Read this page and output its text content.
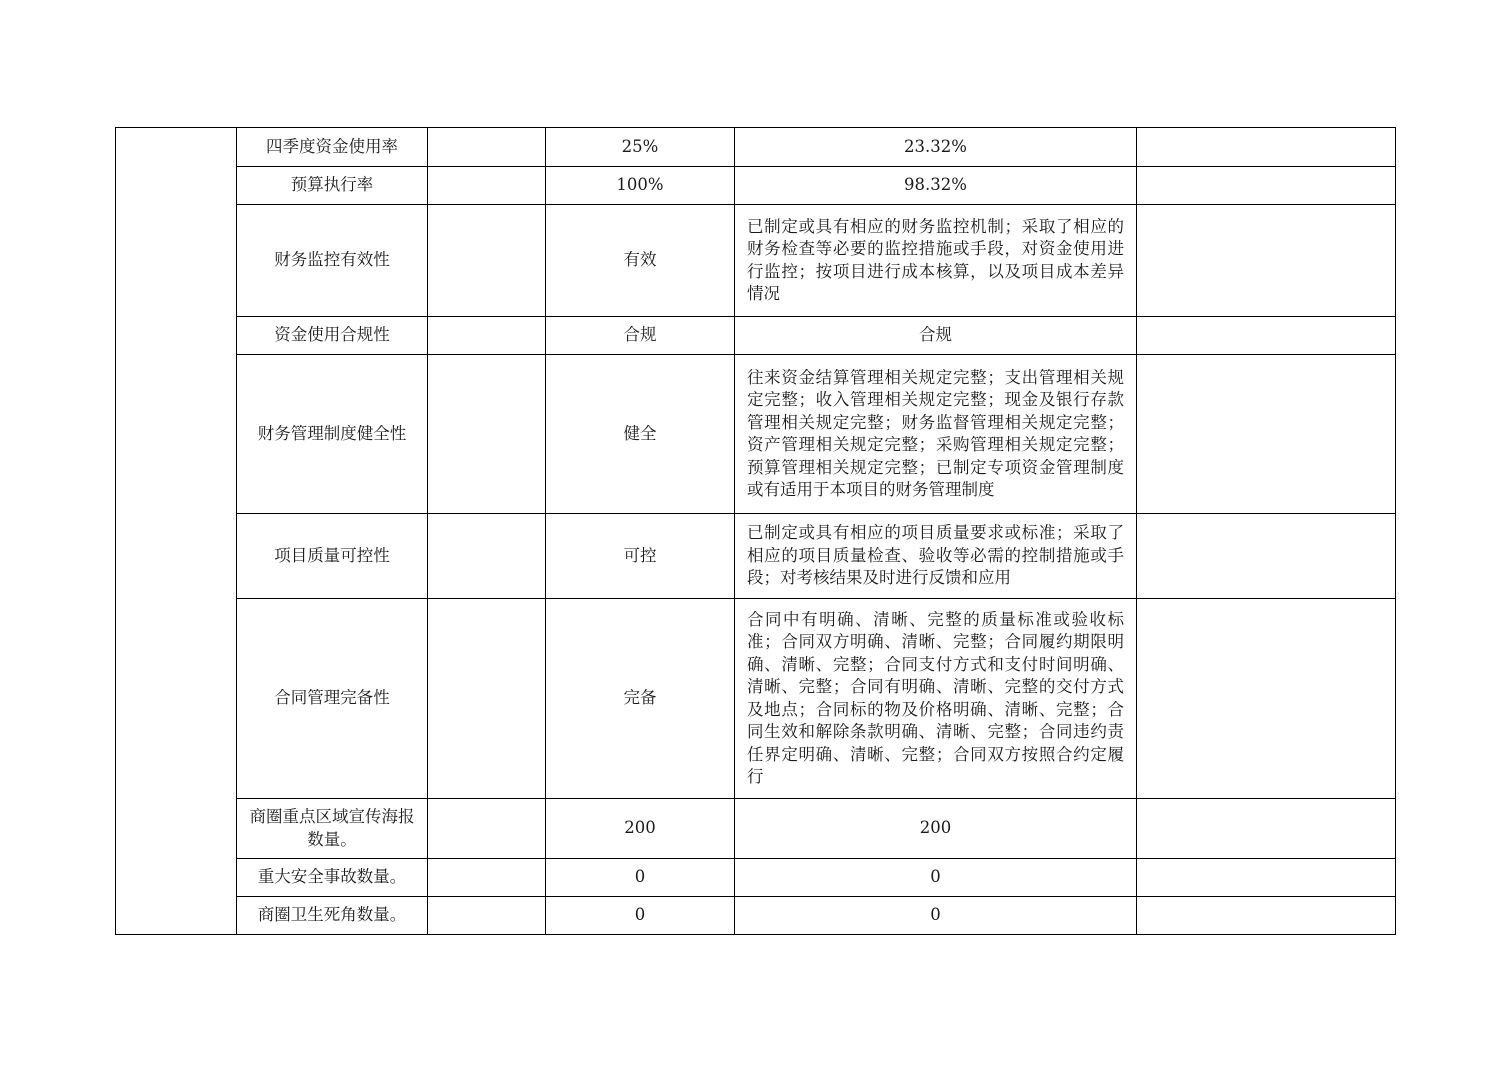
	四季度资金使用率		25%	23.32%	
	预算执行率		100%	98.32%	
	财务监控有效性		有效	已制定或具有相应的财务监控机制；采取了相应的财务检查等必要的监控措施或手段，对资金使用进行监控；按项目进行成本核算，以及项目成本差异情况	
	资金使用合规性		合规	合规	
	财务管理制度健全性		健全	往来资金结算管理相关规定完整；支出管理相关规定完整；收入管理相关规定完整；现金及银行存款管理相关规定完整；财务监督管理相关规定完整；资产管理相关规定完整；采购管理相关规定完整；预算管理相关规定完整；已制定专项资金管理制度或有适用于本项目的财务管理制度	
	项目质量可控性		可控	已制定或具有相应的项目质量要求或标准；采取了相应的项目质量检查、验收等必需的控制措施或手段；对考核结果及时进行反馈和应用	
	合同管理完备性		完备	合同中有明确、清晰、完整的质量标准或验收标准；合同双方明确、清晰、完整；合同履约期限明确、清晰、完整；合同支付方式和支付时间明确、清晰、完整；合同有明确、清晰、完整的交付方式及地点；合同标的物及价格明确、清晰、完整；合同生效和解除条款明确、清晰、完整；合同违约责任界定明确、清晰、完整；合同双方按照合约定履行	
	商圈重点区域宣传海报数量。		200	200	
	重大安全事故数量。		0	0	
	商圈卫生死角数量。		0	0	
